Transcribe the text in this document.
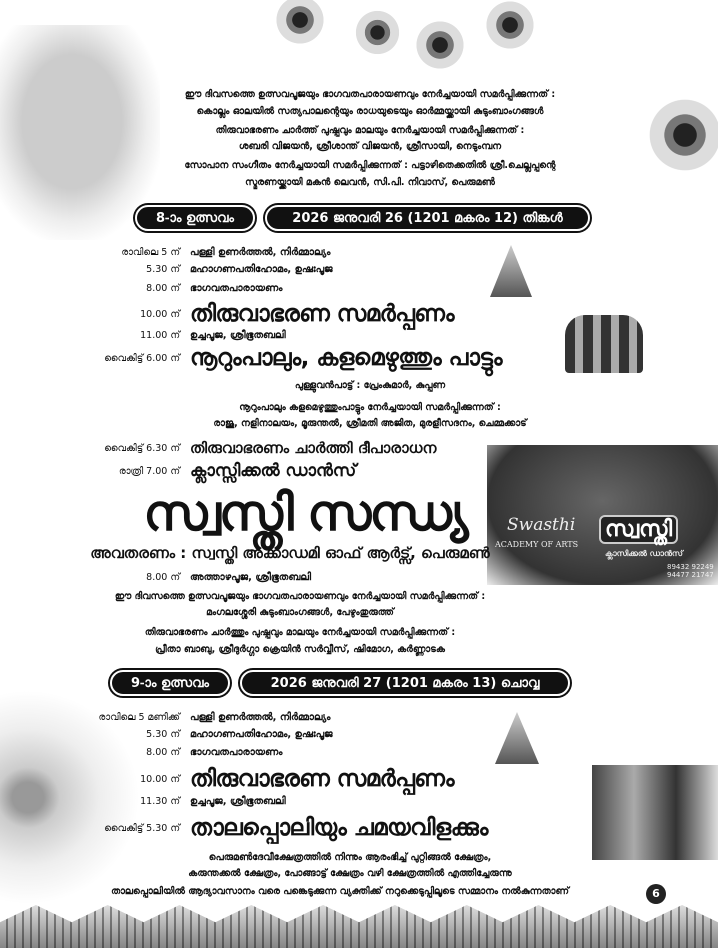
Swasthi
ACADEMY OF ARTS
സ്വസ്തി
ക്ലാസിക്കൽ ഡാൻസ്
89432 92249
94477 21747
ഈ ദിവസത്തെ ഉത്സവപൂജയും ഭാഗവതപാരായണവും നേർച്ചയായി സമർപ്പിക്കുന്നത് :
കൊല്ലം ഓലയിൽ സത്യപാലന്റെയും രാധയുടെയും ഓർമ്മയ്ക്കായി കുടുംബാംഗങ്ങൾ
തിരുവാഭരണം ചാർത്ത് പുഷ്പവും മാലയും നേർച്ചയായി സമർപ്പിക്കുന്നത് :
ശബരി വിജയൻ, ശ്രീശാന്ത് വിജയൻ, ശ്രീസായി, നെടുംമ്പന
സോപാന സംഗീതം നേർച്ചയായി സമർപ്പിക്കുന്നത് : പട്ടാഴിതെക്കതിൽ ശ്രീ.ചെല്ലപ്പന്റെ
സ്മരണയ്ക്കായി മകൻ ലെവൻ, സി.പി. നിവാസ്, പെരുമൺ
8-ാം ഉത്സവം	2026 ജനുവരി 26 (1201 മകരം 12) തിങ്കൾ
രാവിലെ 5 ന്	പള്ളി ഉണർത്തൽ, നിർമ്മാല്യം
5.30 ന്	മഹാഗണപതിഹോമം, ഉഷഃപൂജ
8.00 ന്	ഭാഗവതപാരായണം
10.00 ന് തിരുവാഭരണ സമർപ്പണം
11.00 ന്	ഉച്ചപൂജ, ശ്രീഭൂതബലി
വൈകിട്ട് 6.00 ന് നൂറുംപാലും, കളമെഴുത്തും പാട്ടും
പുള്ളുവൻപാട്ട് : പ്രേംകുമാർ, കുപ്പണ
നൂറുംപാലും കളമെഴുത്തുംപാട്ടും നേർച്ചയായി സമർപ്പിക്കുന്നത് :
രാജു, നളിനാലയം, മൂരുന്തൽ, ശ്രീമതി അജിത, മുരളീസദനം, ചെമ്മക്കാട്
വൈകിട്ട് 6.30 ന് തിരുവാഭരണം ചാർത്തി ദീപാരാധന
രാത്രി 7.00 ന് ക്ലാസ്സിക്കൽ ഡാൻസ്
സ്വസ്തി സന്ധ്യ
അവതരണം : സ്വസ്തി അക്കാഡമി ഓഫ് ആർട്സ്, പെരുമൺ
8.00 ന്	അത്താഴപൂജ, ശ്രീഭൂതബലി
ഈ ദിവസത്തെ ഉത്സവപൂജയും ഭാഗവതപാരായണവും നേർച്ചയായി സമർപ്പിക്കുന്നത് :
മംഗലശ്ശേരി കുടുംബാംഗങ്ങൾ, പേഴുംതുരുത്ത്
തിരുവാഭരണം ചാർത്തും പുഷ്പവും മാലയും നേർച്ചയായി സമർപ്പിക്കുന്നത് :
പ്രീതാ ബാബു, ശ്രീദുർഗ്ഗാ ക്രെയിൻ സർവ്വീസ്, ഷിമോഗ, കർണ്ണാടക
9-ാം ഉത്സവം	2026 ജനുവരി 27 (1201 മകരം 13) ചൊവ്വ
രാവിലെ 5 മണിക്ക്	പള്ളി ഉണർത്തൽ, നിർമ്മാല്യം
5.30 ന്	മഹാഗണപതിഹോമം, ഉഷഃപൂജ
8.00 ന്	ഭാഗവതപാരായണം
10.00 ന് തിരുവാഭരണ സമർപ്പണം
11.30 ന്	ഉച്ചപൂജ, ശ്രീഭൂതബലി
വൈകിട്ട് 5.30 ന് താലപ്പൊലിയും ചമയവിളക്കും
പെരുമൺദേവീക്ഷേത്രത്തിൽ നിന്നും ആരംഭിച്ച് പുറ്റിങ്ങൽ ക്ഷേത്രം,
കരുന്തക്കൽ ക്ഷേത്രം, പോങ്ങാട്ട് ക്ഷേത്രം വഴി ക്ഷേത്രത്തിൽ എത്തിച്ചേരുന്നു
താലപ്പൊലിയിൽ ആദ്യാവസാനം വരെ പങ്കെടുക്കുന്ന വ്യക്തിക്ക് നറുക്കെടുപ്പിലൂടെ സമ്മാനം നൽകുന്നതാണ്	6
